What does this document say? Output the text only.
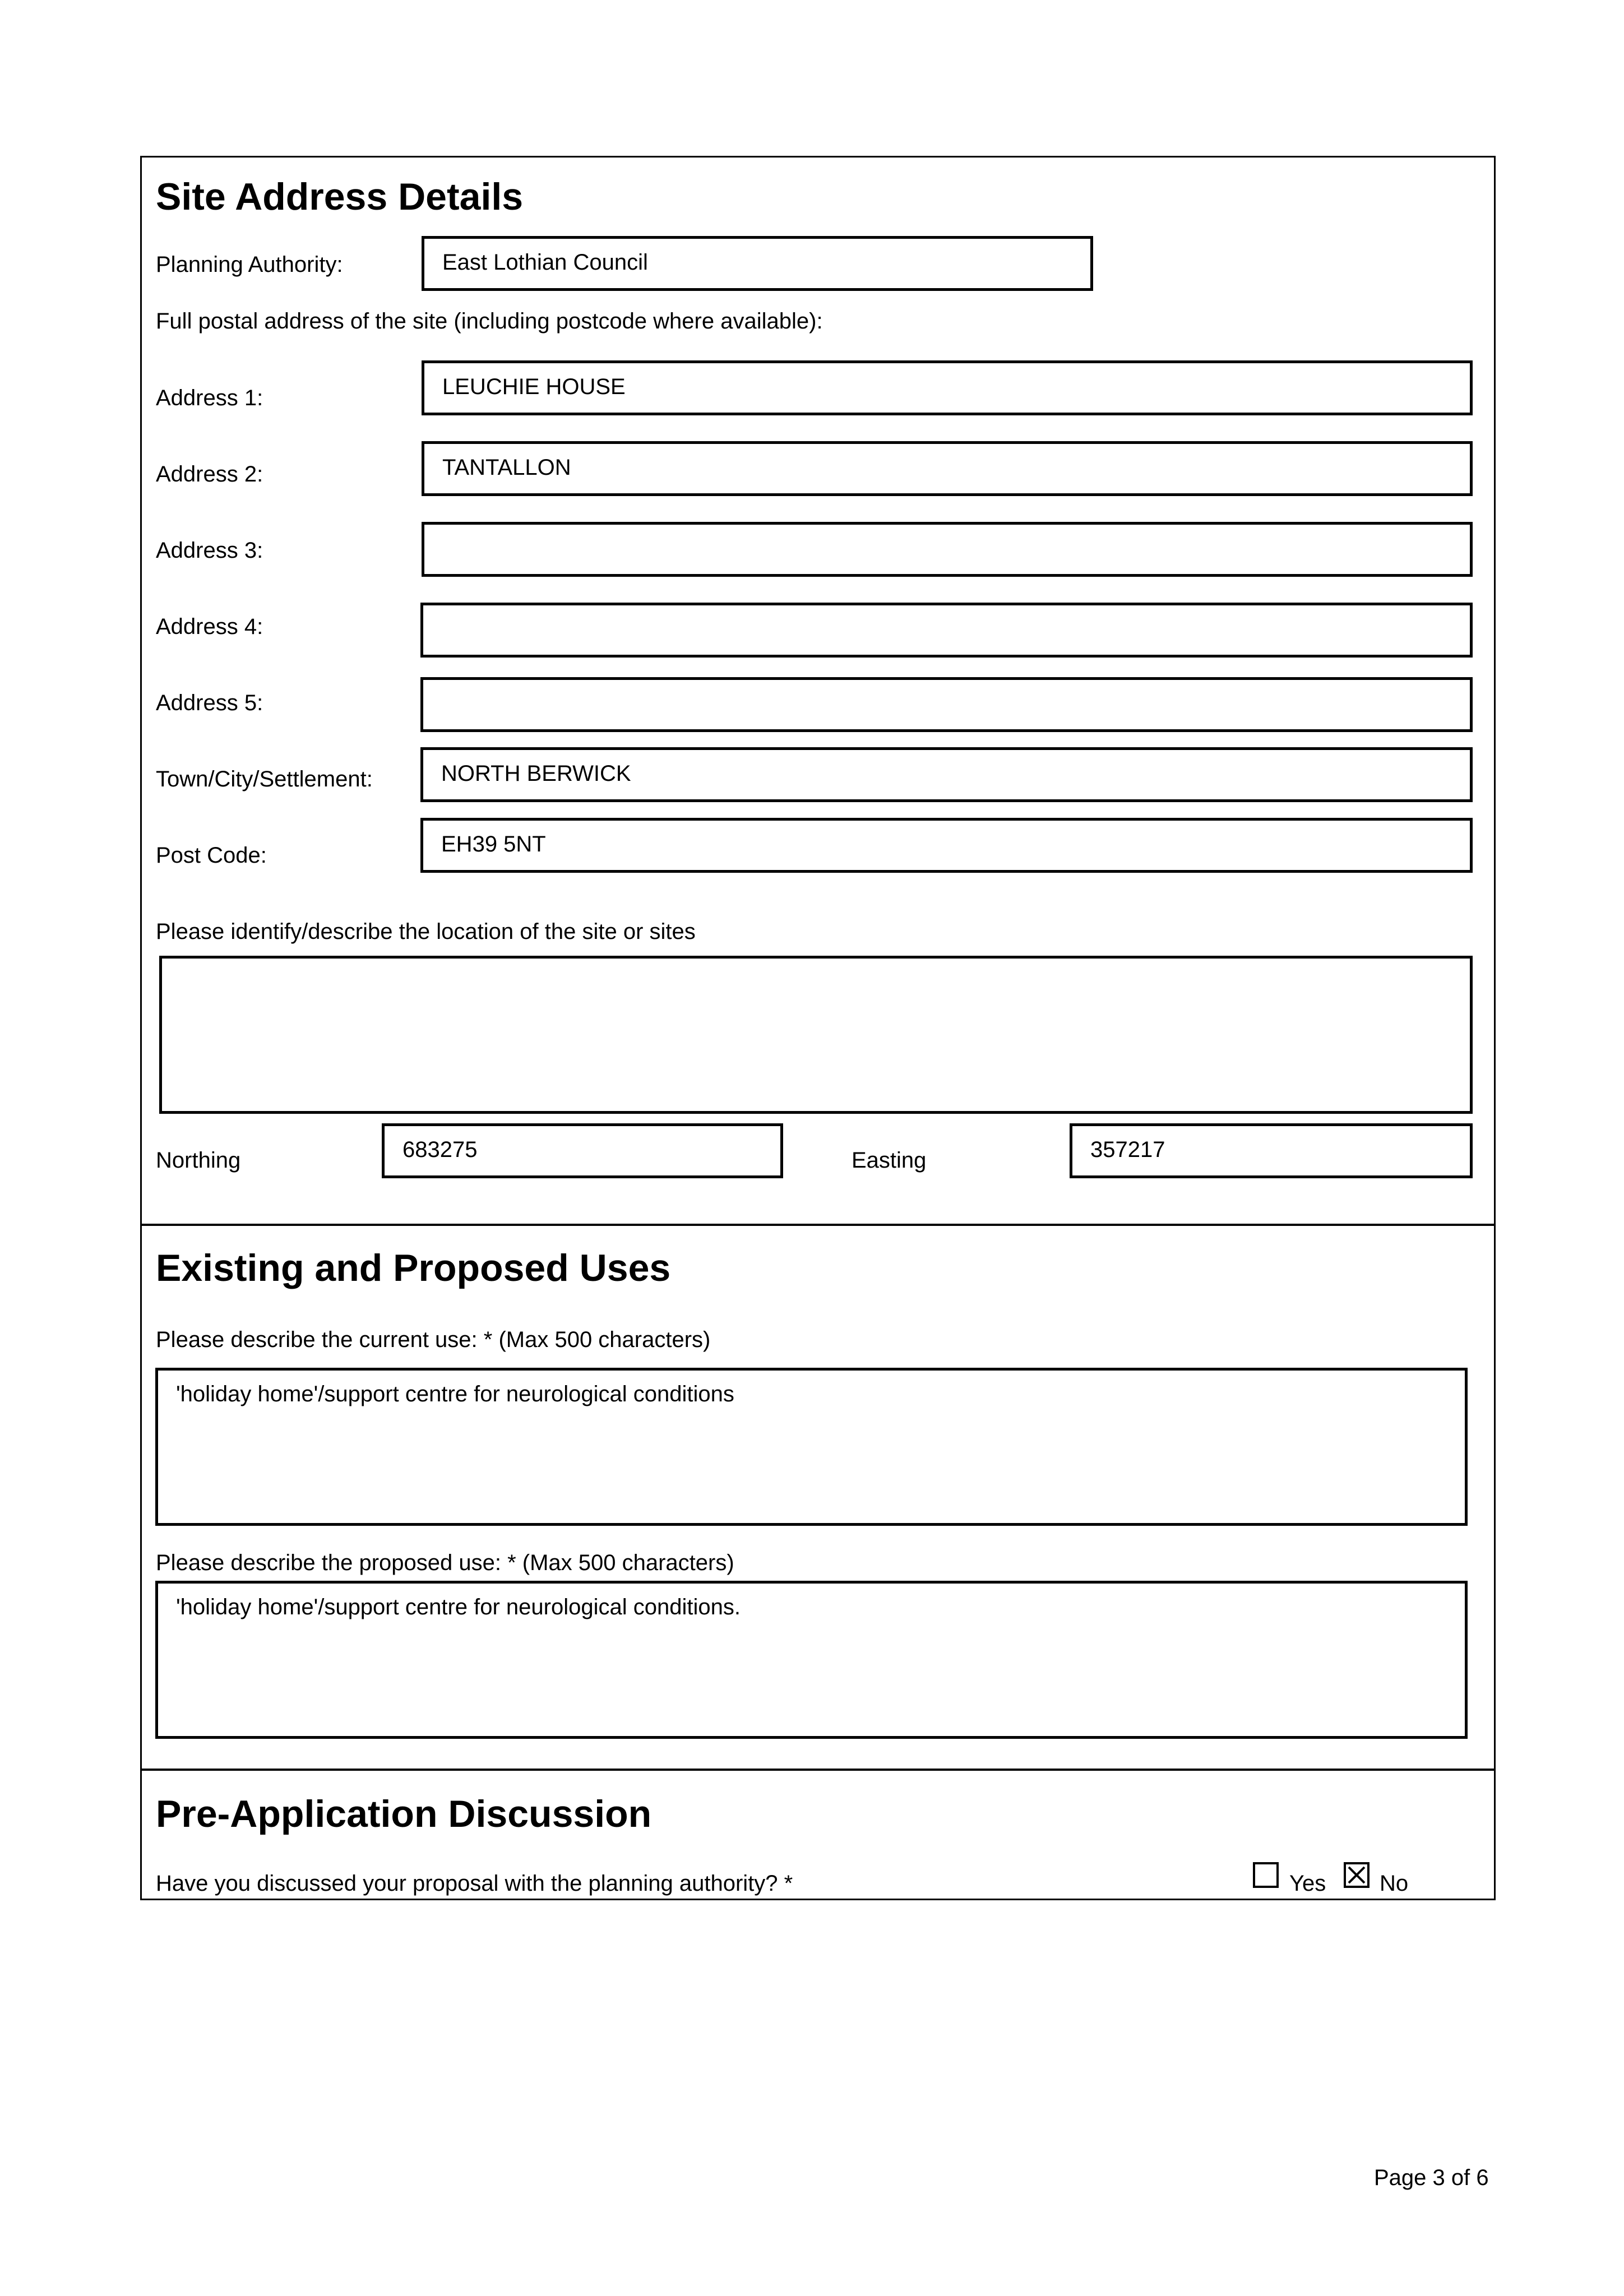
Site Address Details
Planning Authority:	East Lothian Council
Full postal address of the site (including postcode where available):
Address 1:	LEUCHIE HOUSE
Address 2:	TANTALLON
Address 3:
Address 4:
Address 5:
Town/City/Settlement:	NORTH BERWICK
Post Code:	EH39 5NT
Please identify/describe the location of the site or sites
Northing	683275	Easting	357217
Existing and Proposed Uses
Please describe the current use: * (Max 500 characters)
'holiday home'/support centre for neurological conditions
Please describe the proposed use: * (Max 500 characters)
'holiday home'/support centre for neurological conditions.
Pre-Application Discussion
Have you discussed your proposal with the planning authority? *	Yes No
Page 3 of 6
